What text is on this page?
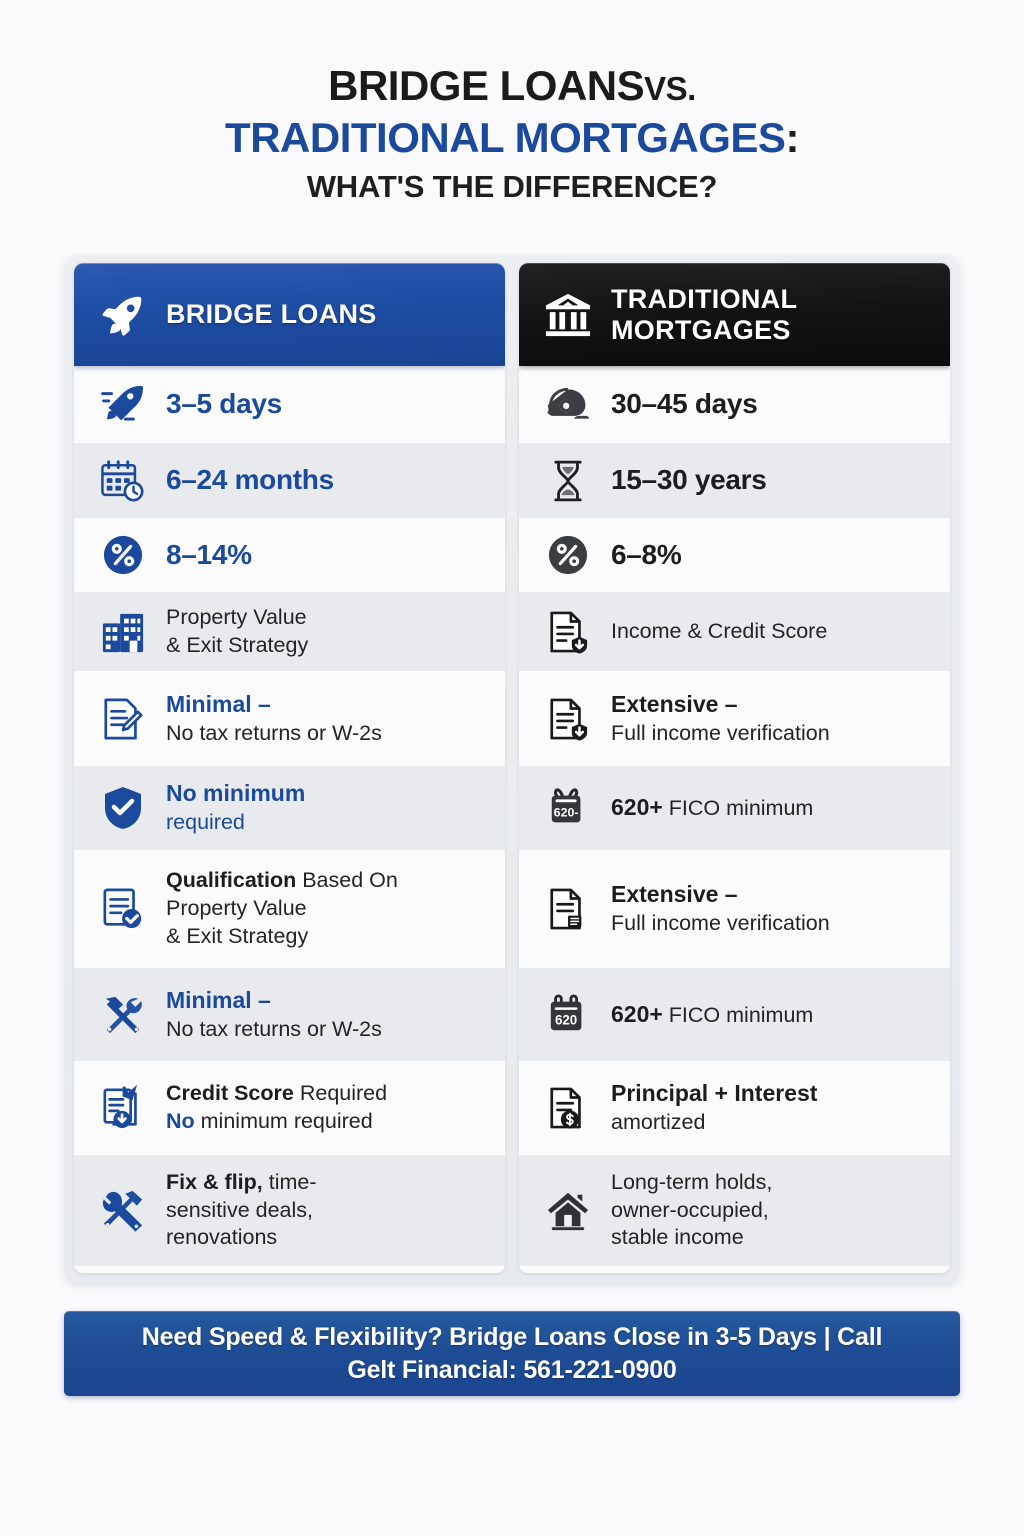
BRIDGE LOANSVS.
TRADITIONAL MORTGAGES:
WHAT'S THE DIFFERENCE?
BRIDGE LOANS
3–5 days
6–24 months
8–14%
Property Value
& Exit Strategy
Minimal –
No tax returns or W-2s
No minimum
required
Qualification Based On
Property Value
& Exit Strategy
Minimal –
No tax returns or W-2s
Credit Score Required
No minimum required
Fix & flip, time-
sensitive deals,
renovations
TRADITIONAL MORTGAGES
30–45 days
15–30 years
6–8%
Income & Credit Score
Extensive –
Full income verification
620- 620+ FICO minimum
Extensive –
Full income verification
620 620+ FICO minimum
Principal + Interest
amortized
Long-term holds,
owner-occupied,
stable income
Need Speed & Flexibility? Bridge Loans Close in 3-5 Days | Call
Gelt Financial: 561-221-0900
